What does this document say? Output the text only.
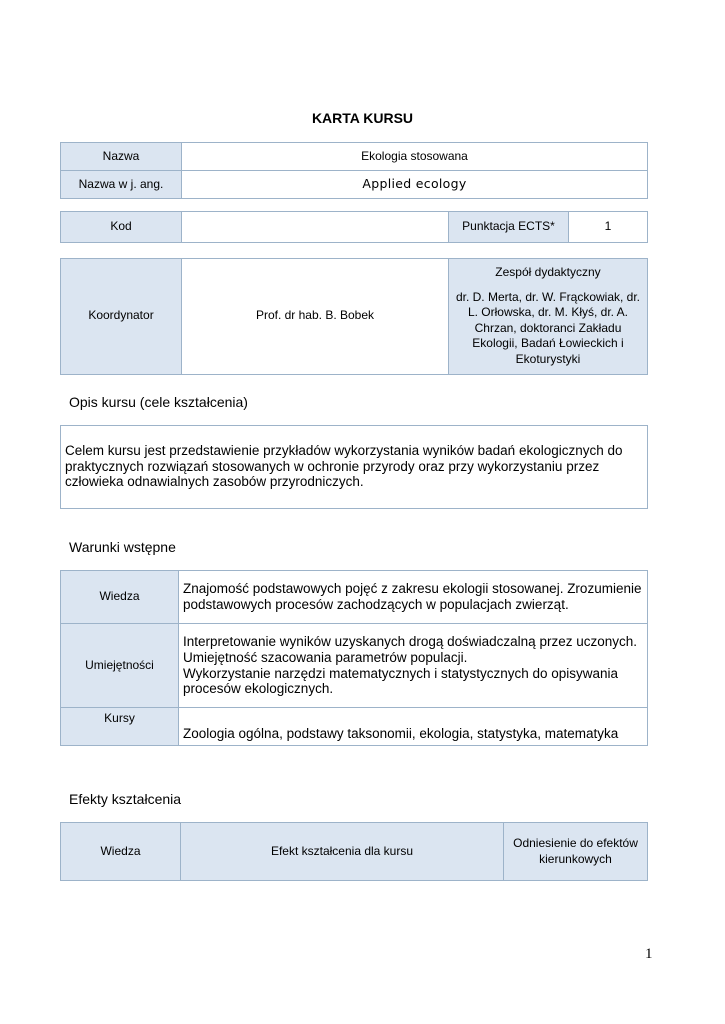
KARTA KURSU
Nazwa	Ekologia stosowana
Nazwa w j. ang.	Applied ecology
Kod		Punktacja ECTS*	1
Koordynator	Prof. dr hab. B. Bobek	
Zespół dydaktyczny
dr. D. Merta, dr. W. Frąckowiak, dr. L. Orłowska, dr. M. Kłyś, dr. A. Chrzan, doktoranci Zakładu Ekologii, Badań Łowieckich i Ekoturystyki
Opis kursu (cele kształcenia)
Celem kursu jest przedstawienie przykładów wykorzystania wyników badań ekologicznych do praktycznych rozwiązań stosowanych w ochronie przyrody oraz przy wykorzystaniu przez człowieka odnawialnych zasobów przyrodniczych.
Warunki wstępne
Wiedza	Znajomość podstawowych pojęć z zakresu ekologii stosowanej. Zrozumienie podstawowych procesów zachodzących w populacjach zwierząt.
Umiejętności	Interpretowanie wyników uzyskanych drogą doświadczalną przez uczonych.
Umiejętność szacowania parametrów populacji.
Wykorzystanie narzędzi matematycznych i statystycznych do opisywania procesów ekologicznych.

Kursy	Zoologia ogólna, podstawy taksonomii, ekologia, statystyka, matematyka
Efekty kształcenia
Wiedza	Efekt kształcenia dla kursu	Odniesienie do efektów kierunkowych
1
